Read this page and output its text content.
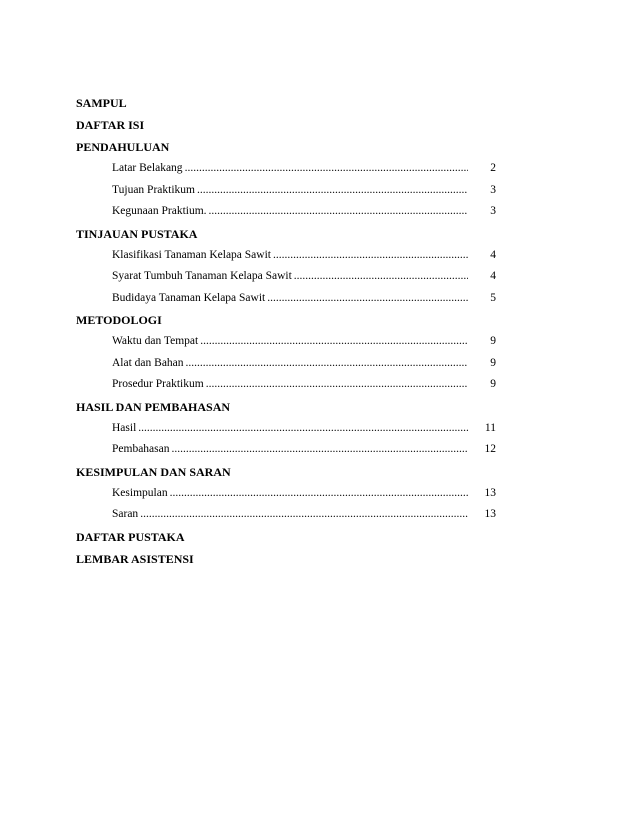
SAMPUL
DAFTAR ISI
PENDAHULUAN
Latar Belakang .....	2
Tujuan Praktikum .....	3
Kegunaan Praktium. .....	3
TINJAUAN PUSTAKA
Klasifikasi Tanaman Kelapa Sawit .....	4
Syarat Tumbuh Tanaman Kelapa Sawit .....	4
Budidaya Tanaman Kelapa Sawit .....	5
METODOLOGI
Waktu dan Tempat .....	9
Alat dan Bahan .....	9
Prosedur Praktikum .....	9
HASIL DAN PEMBAHASAN
Hasil .....	11
Pembahasan .....	12
KESIMPULAN DAN SARAN
Kesimpulan .....	13
Saran .....	13
DAFTAR PUSTAKA
LEMBAR ASISTENSI
